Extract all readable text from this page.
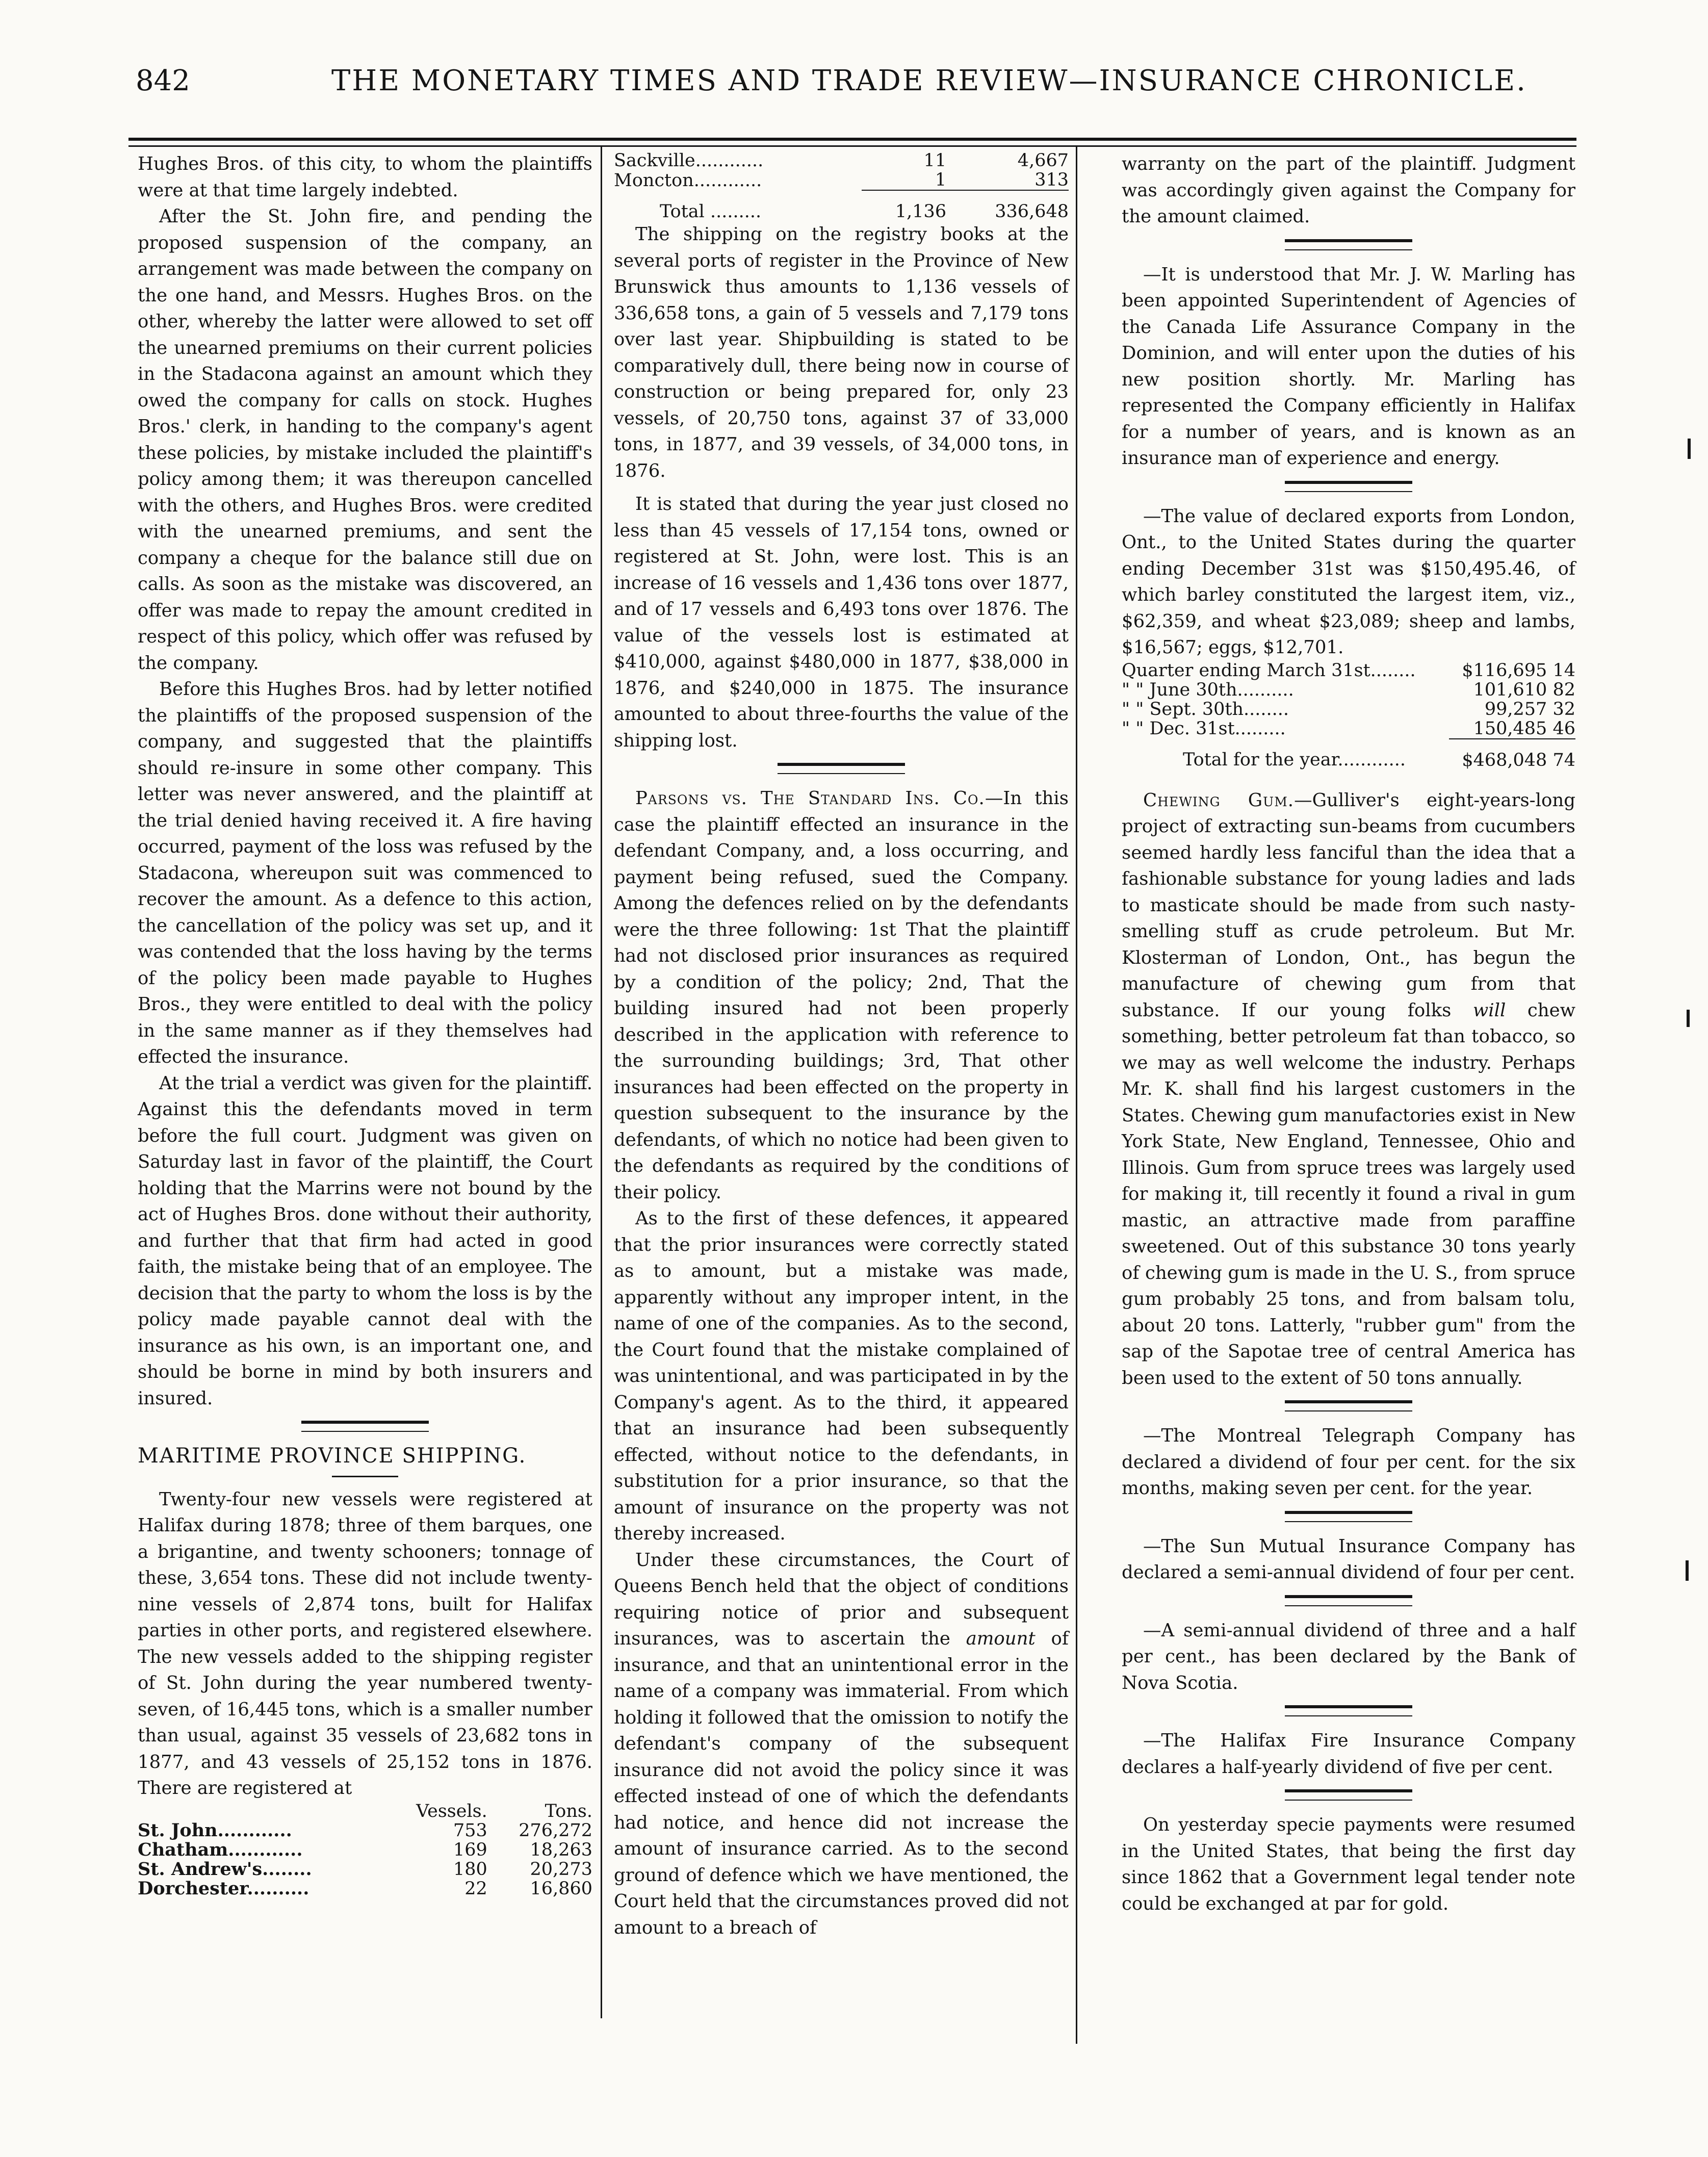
842	THE MONETARY TIMES AND TRADE REVIEW—INSURANCE CHRONICLE.

Hughes Bros. of this city, to whom the plaintiffs were at that time largely indebted.

After the St. John fire, and pending the proposed suspension of the company, an arrangement was made between the company on the one hand, and Messrs. Hughes Bros. on the other, whereby the latter were allowed to set off the unearned premiums on their current policies in the Stadacona against an amount which they owed the company for calls on stock. Hughes Bros.' clerk, in handing to the company's agent these policies, by mistake included the plaintiff's policy among them; it was thereupon cancelled with the others, and Hughes Bros. were credited with the unearned premiums, and sent the company a cheque for the balance still due on calls. As soon as the mistake was discovered, an offer was made to repay the amount credited in respect of this policy, which offer was refused by the company.

Before this Hughes Bros. had by letter notified the plaintiffs of the proposed suspension of the company, and suggested that the plaintiffs should re-insure in some other company. This letter was never answered, and the plaintiff at the trial denied having received it. A fire having occurred, payment of the loss was refused by the Stadacona, whereupon suit was commenced to recover the amount. As a defence to this action, the cancellation of the policy was set up, and it was contended that the loss having by the terms of the policy been made payable to Hughes Bros., they were entitled to deal with the policy in the same manner as if they themselves had effected the insurance.

At the trial a verdict was given for the plaintiff. Against this the defendants moved in term before the full court. Judgment was given on Saturday last in favor of the plaintiff, the Court holding that the Marrins were not bound by the act of Hughes Bros. done without their authority, and further that that firm had acted in good faith, the mistake being that of an employee. The decision that the party to whom the loss is by the policy made payable cannot deal with the insurance as his own, is an important one, and should be borne in mind by both insurers and insured.

MARITIME PROVINCE SHIPPING.

Twenty-four new vessels were registered at Halifax during 1878; three of them barques, one a brigantine, and twenty schooners; tonnage of these, 3,654 tons. These did not include twenty-nine vessels of 2,874 tons, built for Halifax parties in other ports, and registered elsewhere. The new vessels added to the shipping register of St. John during the year numbered twenty-seven, of 16,445 tons, which is a smaller number than usual, against 35 vessels of 23,682 tons in 1877, and 43 vessels of 25,152 tons in 1876. There are registered at

	Vessels.	Tons.
St. John............	753	276,272
Chatham............	169	18,263
St. Andrew's........	180	20,273
Dorchester..........	22	16,860
Sackville............	11	4,667
Moncton............	1	313
Total .........	1,136	336,648

The shipping on the registry books at the several ports of register in the Province of New Brunswick thus amounts to 1,136 vessels of 336,658 tons, a gain of 5 vessels and 7,179 tons over last year. Shipbuilding is stated to be comparatively dull, there being now in course of construction or being prepared for, only 23 vessels, of 20,750 tons, against 37 of 33,000 tons, in 1877, and 39 vessels, of 34,000 tons, in 1876.

It is stated that during the year just closed no less than 45 vessels of 17,154 tons, owned or registered at St. John, were lost. This is an increase of 16 vessels and 1,436 tons over 1877, and of 17 vessels and 6,493 tons over 1876. The value of the vessels lost is estimated at $410,000, against $480,000 in 1877, $38,000 in 1876, and $240,000 in 1875. The insurance amounted to about three-fourths the value of the shipping lost.

Parsons vs. The Standard Ins. Co.—In this case the plaintiff effected an insurance in the defendant Company, and, a loss occurring, and payment being refused, sued the Company. Among the defences relied on by the defendants were the three following: 1st That the plaintiff had not disclosed prior insurances as required by a condition of the policy; 2nd, That the building insured had not been properly described in the application with reference to the surrounding buildings; 3rd, That other insurances had been effected on the property in question subsequent to the insurance by the defendants, of which no notice had been given to the defendants as required by the conditions of their policy.

As to the first of these defences, it appeared that the prior insurances were correctly stated as to amount, but a mistake was made, apparently without any improper intent, in the name of one of the companies. As to the second, the Court found that the mistake complained of was unintentional, and was participated in by the Company's agent. As to the third, it appeared that an insurance had been subsequently effected, without notice to the defendants, in substitution for a prior insurance, so that the amount of insurance on the property was not thereby increased.

Under these circumstances, the Court of Queens Bench held that the object of conditions requiring notice of prior and subsequent insurances, was to ascertain the amount of insurance, and that an unintentional error in the name of a company was immaterial. From which holding it followed that the omission to notify the defendant's company of the subsequent insurance did not avoid the policy since it was effected instead of one of which the defendants had notice, and hence did not increase the amount of insurance carried. As to the second ground of defence which we have mentioned, the Court held that the circumstances proved did not amount to a breach of

warranty on the part of the plaintiff. Judgment was accordingly given against the Company for the amount claimed.

—It is understood that Mr. J. W. Marling has been appointed Superintendent of Agencies of the Canada Life Assurance Company in the Dominion, and will enter upon the duties of his new position shortly. Mr. Marling has represented the Company efficiently in Halifax for a number of years, and is known as an insurance man of experience and energy.

—The value of declared exports from London, Ont., to the United States during the quarter ending December 31st was $150,495.46, of which barley constituted the largest item, viz., $62,359, and wheat $23,089; sheep and lambs, $16,567; eggs, $12,701.

Quarter ending March 31st........	$116,695 14
" " June 30th..........	101,610 82
" " Sept. 30th........	99,257 32
" " Dec. 31st.........	150,485 46
Total for the year............	$468,048 74

Chewing Gum.—Gulliver's eight-years-long project of extracting sun-beams from cucumbers seemed hardly less fanciful than the idea that a fashionable substance for young ladies and lads to masticate should be made from such nasty-smelling stuff as crude petroleum. But Mr. Klosterman of London, Ont., has begun the manufacture of chewing gum from that substance. If our young folks will chew something, better petroleum fat than tobacco, so we may as well welcome the industry. Perhaps Mr. K. shall find his largest customers in the States. Chewing gum manufactories exist in New York State, New England, Tennessee, Ohio and Illinois. Gum from spruce trees was largely used for making it, till recently it found a rival in gum mastic, an attractive made from paraffine sweetened. Out of this substance 30 tons yearly of chewing gum is made in the U. S., from spruce gum probably 25 tons, and from balsam tolu, about 20 tons. Latterly, "rubber gum" from the sap of the Sapotae tree of central America has been used to the extent of 50 tons annually.

—The Montreal Telegraph Company has declared a dividend of four per cent. for the six months, making seven per cent. for the year.

—The Sun Mutual Insurance Company has declared a semi-annual dividend of four per cent.

—A semi-annual dividend of three and a half per cent., has been declared by the Bank of Nova Scotia.

—The Halifax Fire Insurance Company declares a half-yearly dividend of five per cent.

On yesterday specie payments were resumed in the United States, that being the first day since 1862 that a Government legal tender note could be exchanged at par for gold.
